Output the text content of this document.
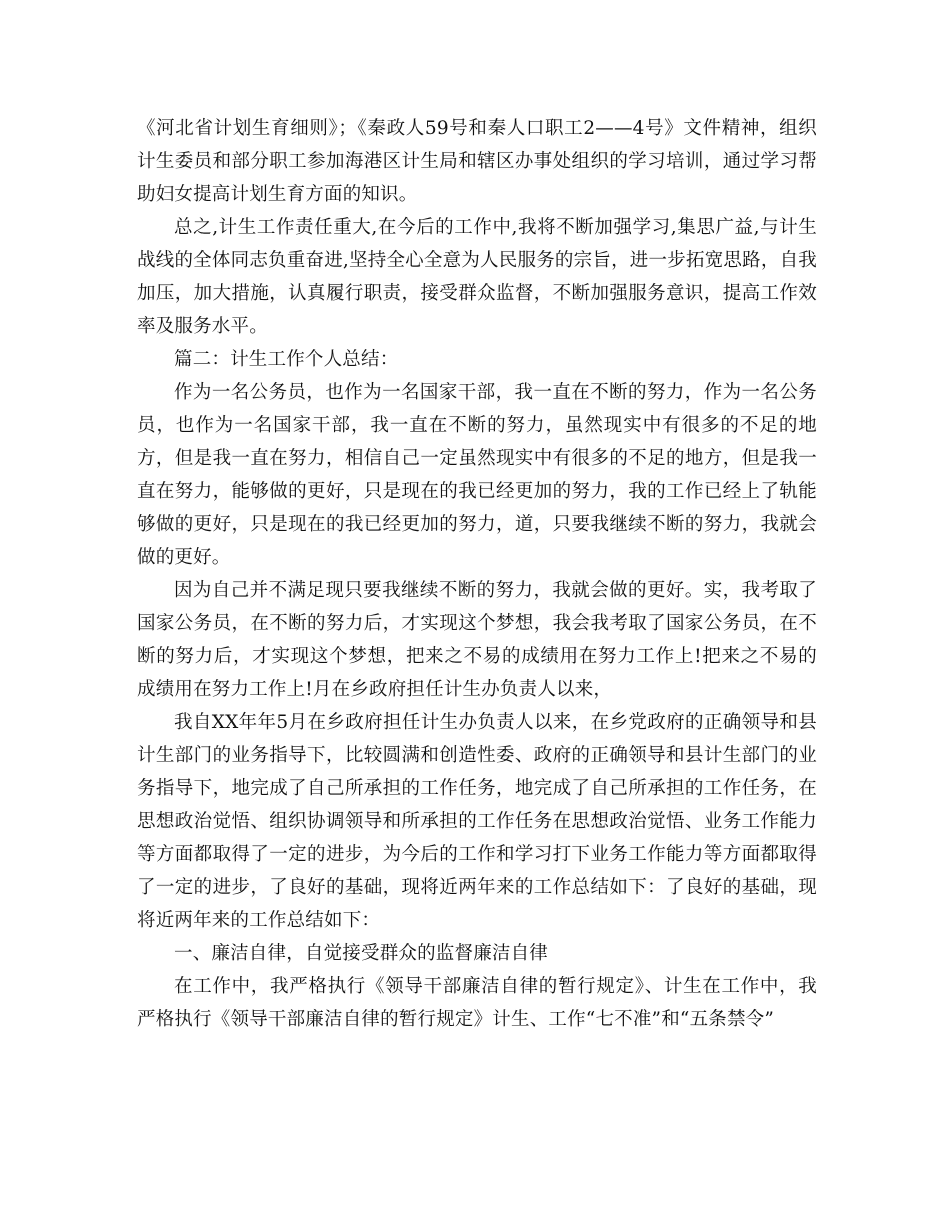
《河北省计划生育细则》；《秦政人59号和秦人口职工2——4号》文件精神，组织计生委员和部分职工参加海港区计生局和辖区办事处组织的学习培训，通过学习帮助妇女提高计划生育方面的知识。

总之,计生工作责任重大,在今后的工作中,我将不断加强学习,集思广益,与计生战线的全体同志负重奋进,坚持全心全意为人民服务的宗旨，进一步拓宽思路，自我加压，加大措施，认真履行职责，接受群众监督，不断加强服务意识，提高工作效率及服务水平。

篇二：计生工作个人总结：

作为一名公务员，也作为一名国家干部，我一直在不断的努力，作为一名公务员，也作为一名国家干部，我一直在不断的努力，虽然现实中有很多的不足的地方，但是我一直在努力，相信自己一定虽然现实中有很多的不足的地方，但是我一直在努力，能够做的更好，只是现在的我已经更加的努力，我的工作已经上了轨能够做的更好，只是现在的我已经更加的努力，道，只要我继续不断的努力，我就会做的更好。

因为自己并不满足现只要我继续不断的努力，我就会做的更好。实，我考取了国家公务员，在不断的努力后，才实现这个梦想，我会我考取了国家公务员，在不断的努力后，才实现这个梦想，把来之不易的成绩用在努力工作上!把来之不易的成绩用在努力工作上!月在乡政府担任计生办负责人以来，

我自XX年年5月在乡政府担任计生办负责人以来，在乡党政府的正确领导和县计生部门的业务指导下，比较圆满和创造性委、政府的正确领导和县计生部门的业务指导下，地完成了自己所承担的工作任务，地完成了自己所承担的工作任务，在思想政治觉悟、组织协调领导和所承担的工作任务在思想政治觉悟、业务工作能力等方面都取得了一定的进步，为今后的工作和学习打下业务工作能力等方面都取得了一定的进步，了良好的基础，现将近两年来的工作总结如下：了良好的基础，现将近两年来的工作总结如下：

一、廉洁自律，自觉接受群众的监督廉洁自律

在工作中，我严格执行《领导干部廉洁自律的暂行规定》、计生在工作中，我严格执行《领导干部廉洁自律的暂行规定》计生、工作“七不准”和“五条禁令”
